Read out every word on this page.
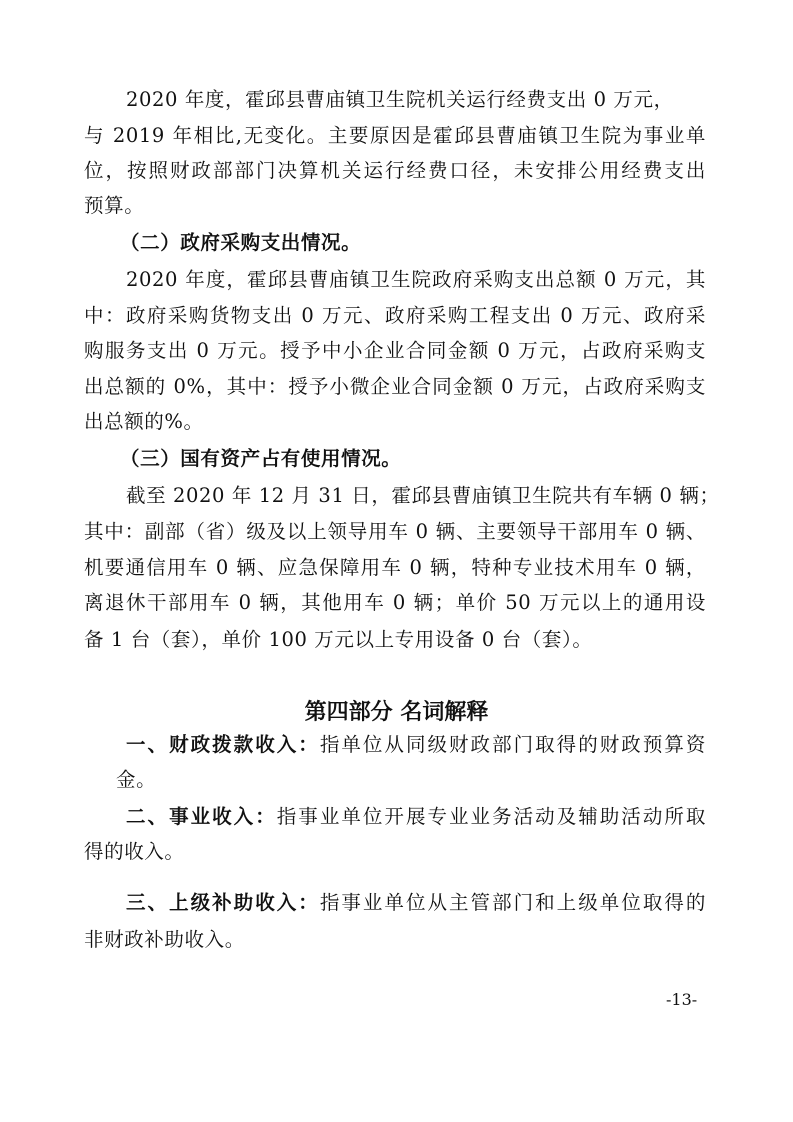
2020 年度，霍邱县曹庙镇卫生院机关运行经费支出 0 万元，
与 2019 年相比,无变化。主要原因是霍邱县曹庙镇卫生院为事业单
位，按照财政部部门决算机关运行经费口径，未安排公用经费支出
预算。
（二）政府采购支出情况。
2020 年度，霍邱县曹庙镇卫生院政府采购支出总额 0 万元，其
中：政府采购货物支出 0 万元、政府采购工程支出 0 万元、政府采
购服务支出 0 万元。授予中小企业合同金额 0 万元，占政府采购支
出总额的 0%，其中：授予小微企业合同金额 0 万元，占政府采购支
出总额的%。
（三）国有资产占有使用情况。
截至 2020 年 12 月 31 日，霍邱县曹庙镇卫生院共有车辆 0 辆；
其中：副部（省）级及以上领导用车 0 辆、主要领导干部用车 0 辆、
机要通信用车 0 辆、应急保障用车 0 辆，特种专业技术用车 0 辆，
离退休干部用车 0 辆，其他用车 0 辆；单价 50 万元以上的通用设
备 1 台（套），单价 100 万元以上专用设备 0 台（套）。
第四部分 名词解释
一、财政拨款收入：指单位从同级财政部门取得的财政预算资
金。
二、事业收入：指事业单位开展专业业务活动及辅助活动所取
得的收入。
三、上级补助收入：指事业单位从主管部门和上级单位取得的
非财政补助收入。
-13-
